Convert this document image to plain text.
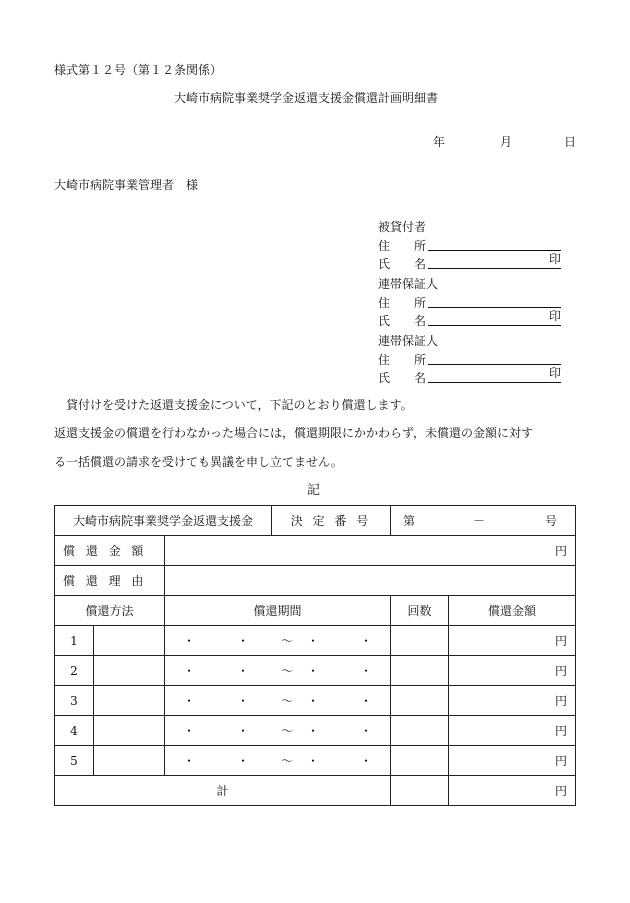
様式第１２号（第１２条関係）
大崎市病院事業奨学金返還支援金償還計画明細書
年	月	日
大崎市病院事業管理者　様
被貸付者
住　　所
氏　　名	印
連帯保証人
住　　所
氏　　名	印
連帯保証人
住　　所
氏　　名	印
貸付けを受けた返還支援金について，下記のとおり償還します。
返還支援金の償還を行わなかった場合には，償還期限にかかわらず，未償還の金額に対す
る一括償還の請求を受けても異議を申し立てません。
記
大崎市病院事業奨学金返還支援金			決 定 番 号	第 － 号	

償還金額		円			
償還理由					
償還方法		償還期間		回数	償還金額
1		・ ・ ～ ・ ・			円
2		・ ・ ～ ・ ・			円
3		・ ・ ～ ・ ・			円
4		・ ・ ～ ・ ・			円
5		・ ・ ～ ・ ・			円
計					円
